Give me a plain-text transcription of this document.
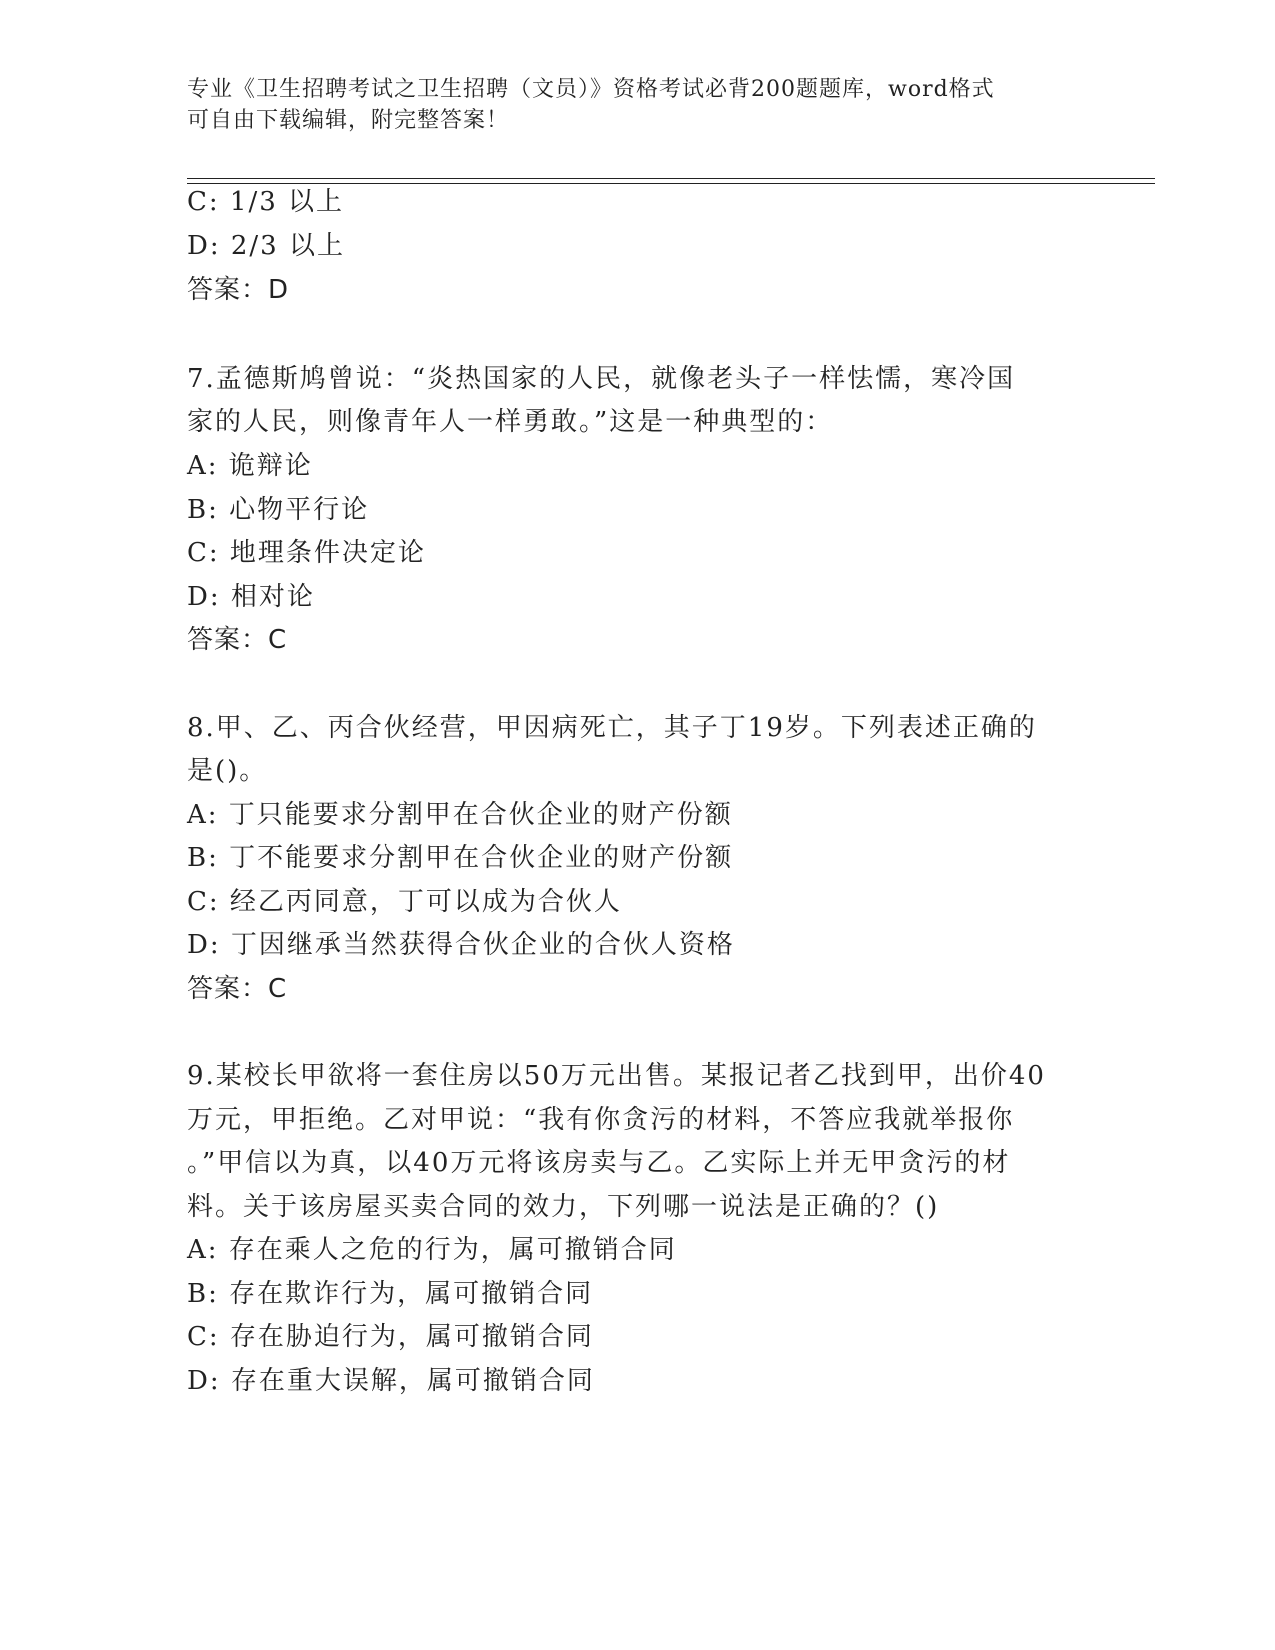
专业《卫生招聘考试之卫生招聘（文员）》资格考试必背200题题库，word格式
可自由下载编辑，附完整答案！
C: 1/3 以上
D: 2/3 以上
答案：D
7.孟德斯鸠曾说：“炎热国家的人民，就像老头子一样怯懦，寒冷国
家的人民，则像青年人一样勇敢。”这是一种典型的：
A: 诡辩论
B: 心物平行论
C: 地理条件决定论
D: 相对论
答案：C
8.甲、乙、丙合伙经营，甲因病死亡，其子丁19岁。下列表述正确的
是()。
A: 丁只能要求分割甲在合伙企业的财产份额
B: 丁不能要求分割甲在合伙企业的财产份额
C: 经乙丙同意，丁可以成为合伙人
D: 丁因继承当然获得合伙企业的合伙人资格
答案：C
9.某校长甲欲将一套住房以50万元出售。某报记者乙找到甲，出价40
万元，甲拒绝。乙对甲说：“我有你贪污的材料，不答应我就举报你
。”甲信以为真，以40万元将该房卖与乙。乙实际上并无甲贪污的材
料。关于该房屋买卖合同的效力，下列哪一说法是正确的？()
A: 存在乘人之危的行为，属可撤销合同
B: 存在欺诈行为，属可撤销合同
C: 存在胁迫行为，属可撤销合同
D: 存在重大误解，属可撤销合同
